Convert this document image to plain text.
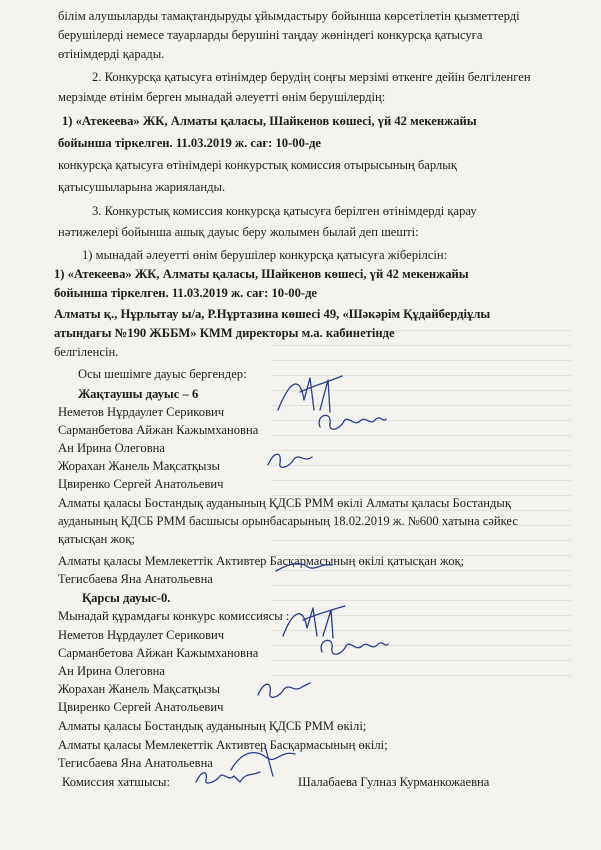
білім алушыларды тамақтандыруды ұйымдастыру бойынша көрсетілетін қызметтерді
берушілерді немесе тауарларды берушіні таңдау жөніндегі конкурсқа қатысуға
өтінімдерді қарады.
2. Конкурсқа қатысуға өтінімдер берудің соңғы мерзімі өткенге дейін белгіленген
мерзімде өтінім берген мынадай әлеуетті өнім берушілердің:
1) «Атекеева» ЖК, Алматы қаласы, Шайкенов көшесі, үй 42 мекенжайы
бойынша тіркелген. 11.03.2019 ж. сағ: 10-00-де
конкурсқа қатысуға өтінімдері конкурстық комиссия отырысының барлық
қатысушыларына жарияланды.
3. Конкурстық комиссия конкурсқа қатысуға берілген өтінімдерді қарау
нәтижелері бойынша ашық дауыс беру жолымен былай деп шешті:
1) мынадай әлеуетті өнім берушілер конкурсқа қатысуға жіберілсін:
1) «Атекеева» ЖК, Алматы қаласы, Шайкенов көшесі, үй 42 мекенжайы
бойынша тіркелген. 11.03.2019 ж. сағ: 10-00-де
Алматы қ., Нұрлытау ы/а, Р.Нұртазина көшесі 49, «Шәкәрім Құдайбердіұлы
атындағы №190 ЖББМ» КММ директоры м.а. кабинетінде
белгіленсін.
Осы шешімге дауыс бергендер:
Жақтаушы дауыс – 6
Неметов Нұрдаулет Серикович
Сарманбетова Айжан Кажымхановна
Ан Ирина Олеговна
Жорахан Жанель Мақсатқызы
Цвиренко Сергей Анатольевич
Алматы қаласы Бостандық ауданының ҚДСБ РММ өкілі Алматы қаласы Бостандық
ауданының ҚДСБ РММ басшысы орынбасарының 18.02.2019 ж. №600 хатына сәйкес
қатысқан жоқ;
Алматы қаласы Мемлекеттік Активтер Басқармасының өкілі қатысқан жоқ;
Тегисбаева Яна Анатольевна
Қарсы дауыс-0.
Мынадай құрамдағы конкурс комиссиясы :
Неметов Нұрдаулет Серикович
Сарманбетова Айжан Кажымхановна
Ан Ирина Олеговна
Жорахан Жанель Мақсатқызы
Цвиренко Сергей Анатольевич
Алматы қаласы Бостандық ауданының ҚДСБ РММ өкілі;
Алматы қаласы Мемлекеттік Активтер Басқармасының өкілі;
Тегисбаева Яна Анатольевна
Комиссия хатшысы:	Шалабаева Гулназ Курманкожаевна
